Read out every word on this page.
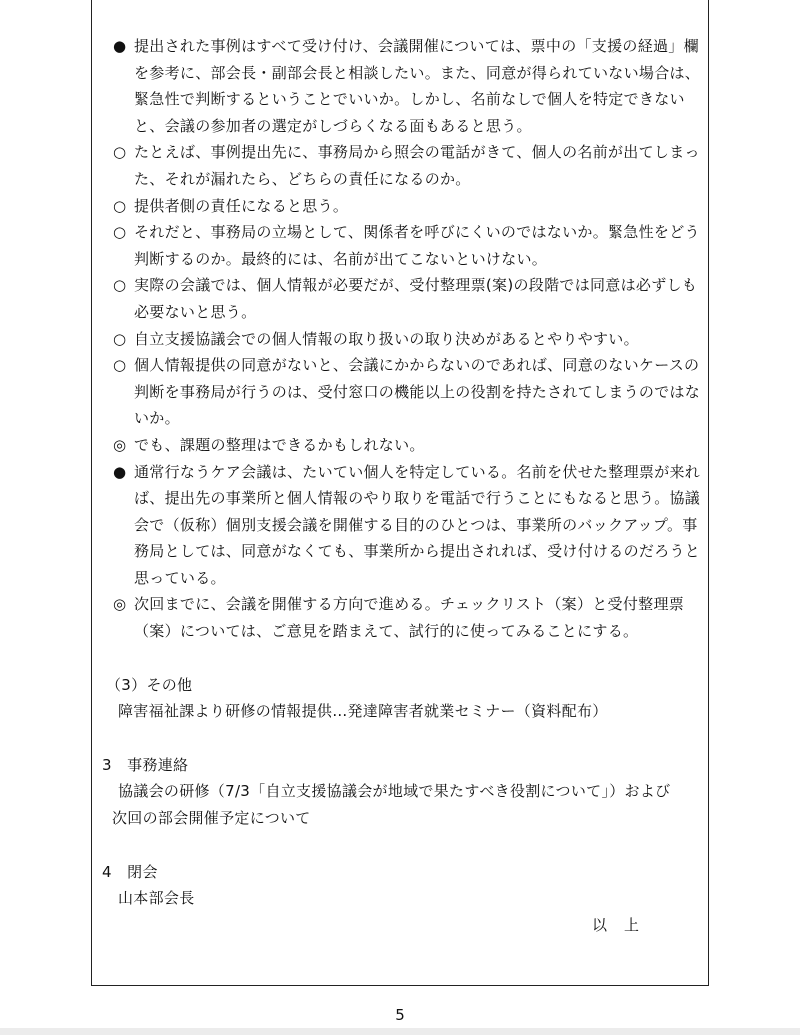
● 提出された事例はすべて受け付け、会議開催については、票中の「支援の経過」欄を参考に、部会長・副部会長と相談したい。また、同意が得られていない場合は、緊急性で判断するということでいいか。しかし、名前なしで個人を特定できないと、会議の参加者の選定がしづらくなる面もあると思う。
○ たとえば、事例提出先に、事務局から照会の電話がきて、個人の名前が出てしまった、それが漏れたら、どちらの責任になるのか。
○ 提供者側の責任になると思う。
○ それだと、事務局の立場として、関係者を呼びにくいのではないか。緊急性をどう判断するのか。最終的には、名前が出てこないといけない。
○ 実際の会議では、個人情報が必要だが、受付整理票(案)の段階では同意は必ずしも必要ないと思う。
○ 自立支援協議会での個人情報の取り扱いの取り決めがあるとやりやすい。
○ 個人情報提供の同意がないと、会議にかからないのであれば、同意のないケースの判断を事務局が行うのは、受付窓口の機能以上の役割を持たされてしまうのではないか。
◎ でも、課題の整理はできるかもしれない。
● 通常行なうケア会議は、たいてい個人を特定している。名前を伏せた整理票が来れば、提出先の事業所と個人情報のやり取りを電話で行うことにもなると思う。協議会で（仮称）個別支援会議を開催する目的のひとつは、事業所のバックアップ。事務局としては、同意がなくても、事業所から提出されれば、受け付けるのだろうと思っている。
◎ 次回までに、会議を開催する方向で進める。チェックリスト（案）と受付整理票（案）については、ご意見を踏まえて、試行的に使ってみることにする。
（3）その他
障害福祉課より研修の情報提供…発達障害者就業セミナー（資料配布）
3　事務連絡
協議会の研修（7/3「自立支援協議会が地域で果たすべき役割について」）および
次回の部会開催予定について
4　閉会
山本部会長
以　上
5
